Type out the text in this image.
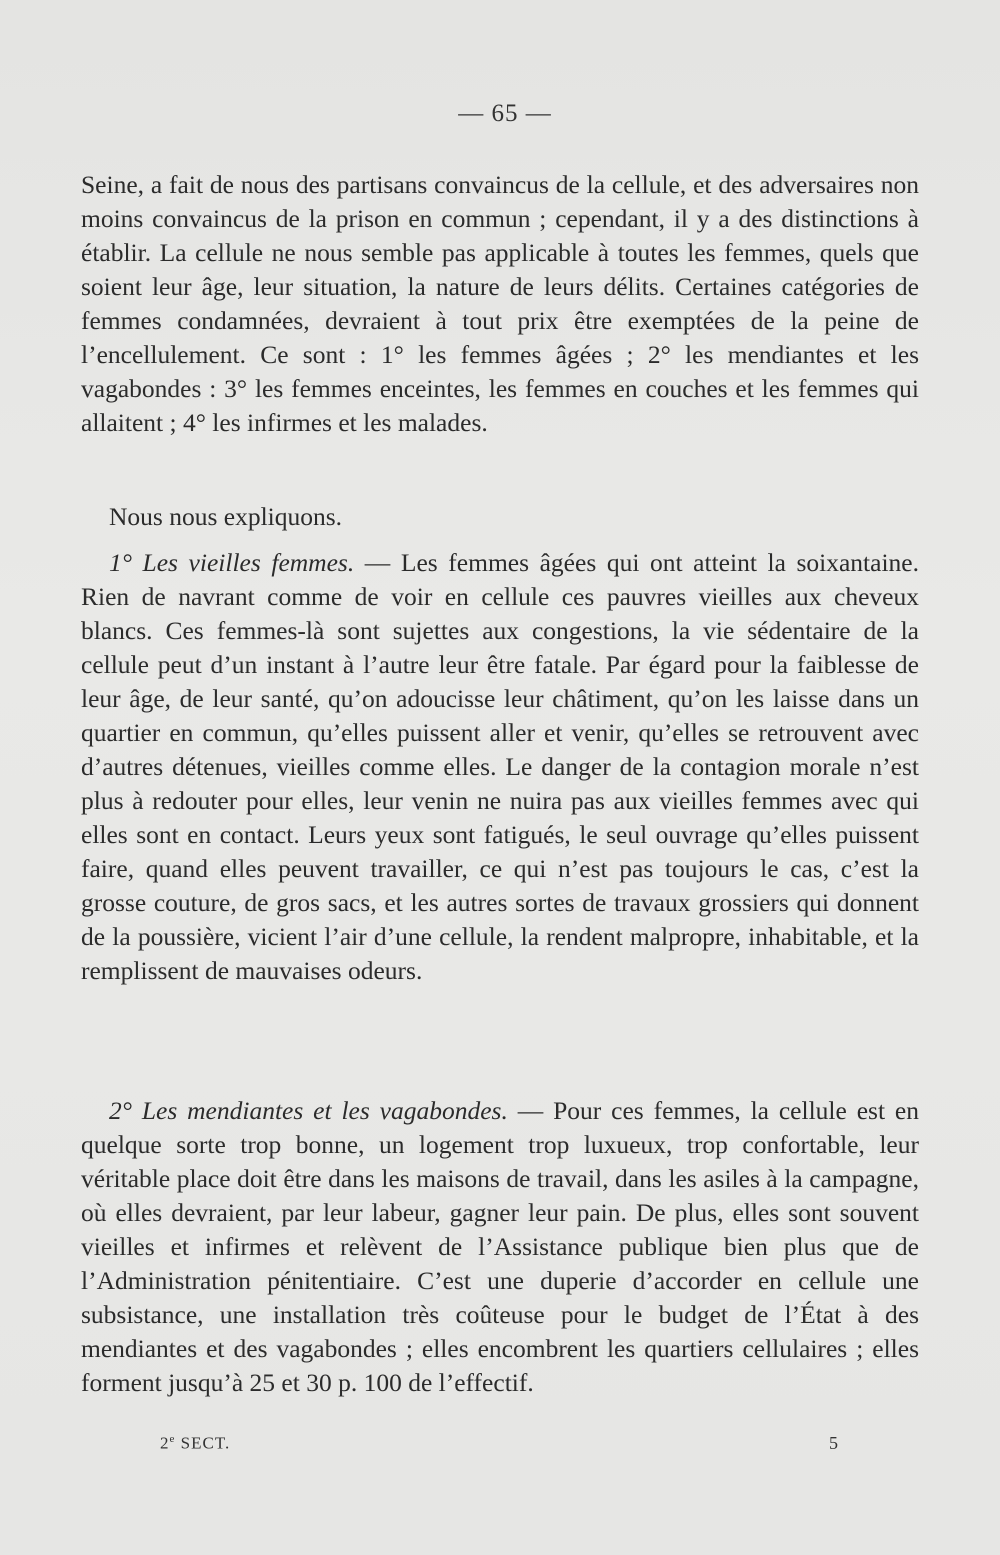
— 65 —
Seine, a fait de nous des partisans convaincus de la cellule, et des adversaires non moins convaincus de la prison en commun ; cependant, il y a des distinctions à établir. La cellule ne nous semble pas applicable à toutes les femmes, quels que soient leur âge, leur situation, la nature de leurs délits. Certaines catégories de femmes condamnées, devraient à tout prix être exemptées de la peine de l’encellulement. Ce sont : 1° les femmes âgées ; 2° les mendiantes et les vagabondes : 3° les femmes enceintes, les femmes en couches et les femmes qui allaitent ; 4° les infirmes et les malades.
Nous nous expliquons.
1° Les vieilles femmes. — Les femmes âgées qui ont atteint la soixantaine. Rien de navrant comme de voir en cellule ces pauvres vieilles aux cheveux blancs. Ces femmes-là sont sujettes aux congestions, la vie sédentaire de la cellule peut d’un instant à l’autre leur être fatale. Par égard pour la faiblesse de leur âge, de leur santé, qu’on adoucisse leur châtiment, qu’on les laisse dans un quartier en commun, qu’elles puissent aller et venir, qu’elles se retrouvent avec d’autres détenues, vieilles comme elles. Le danger de la contagion morale n’est plus à redouter pour elles, leur venin ne nuira pas aux vieilles femmes avec qui elles sont en contact. Leurs yeux sont fatigués, le seul ouvrage qu’elles puissent faire, quand elles peuvent travailler, ce qui n’est pas toujours le cas, c’est la grosse couture, de gros sacs, et les autres sortes de travaux grossiers qui donnent de la poussière, vicient l’air d’une cellule, la rendent malpropre, inhabitable, et la remplissent de mauvaises odeurs.
2° Les mendiantes et les vagabondes. — Pour ces femmes, la cellule est en quelque sorte trop bonne, un logement trop luxueux, trop confortable, leur véritable place doit être dans les maisons de travail, dans les asiles à la campagne, où elles devraient, par leur labeur, gagner leur pain. De plus, elles sont souvent vieilles et infirmes et relèvent de l’Assistance publique bien plus que de l’Administration pénitentiaire. C’est une duperie d’accorder en cellule une subsistance, une installation très coûteuse pour le budget de l’État à des mendiantes et des vagabondes ; elles encombrent les quartiers cellulaires ; elles forment jusqu’à 25 et 30 p. 100 de l’effectif.
2e SECT.	5
